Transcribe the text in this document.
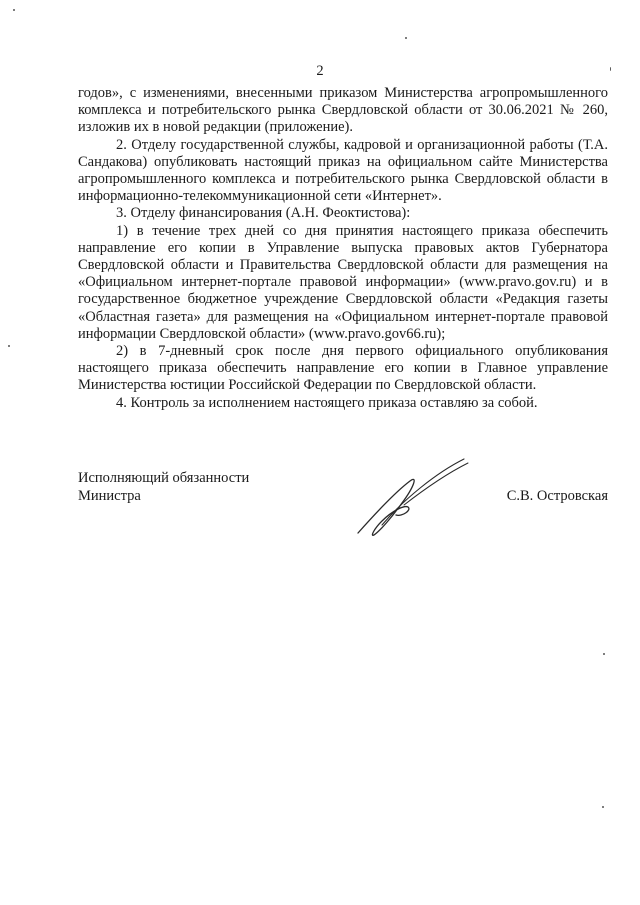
2

годов», с изменениями, внесенными приказом Министерства агропромышленного комплекса и потребительского рынка Свердловской области от 30.06.2021 № 260, изложив их в новой редакции (приложение).

2. Отделу государственной службы, кадровой и организационной работы (Т.А. Сандакова) опубликовать настоящий приказ на официальном сайте Министерства агропромышленного комплекса и потребительского рынка Свердловской области в информационно-телекоммуникационной сети «Интернет».

3. Отделу финансирования (А.Н. Феоктистова):

1) в течение трех дней со дня принятия настоящего приказа обеспечить направление его копии в Управление выпуска правовых актов Губернатора Свердловской области и Правительства Свердловской области для размещения на «Официальном интернет-портале правовой информации» (www.pravo.gov.ru) и в государственное бюджетное учреждение Свердловской области «Редакция газеты «Областная газета» для размещения на «Официальном интернет-портале правовой информации Свердловской области» (www.pravo.gov66.ru);

2) в 7-дневный срок после дня первого официального опубликования настоящего приказа обеспечить направление его копии в Главное управление Министерства юстиции Российской Федерации по Свердловской области.

4. Контроль за исполнением настоящего приказа оставляю за собой.

Исполняющий обязанности
Министра	С.В. Островская
